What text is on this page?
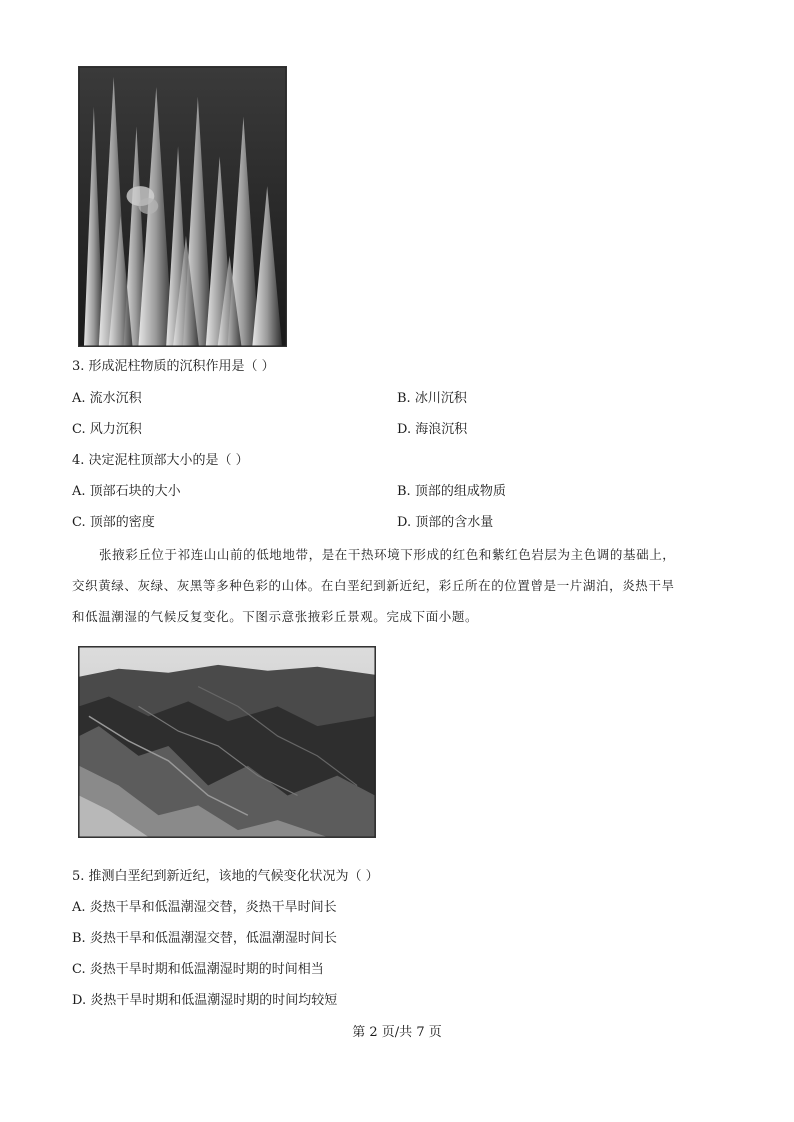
3. 形成泥柱物质的沉积作用是（ ）
A. 流水沉积	B. 冰川沉积
C. 风力沉积	D. 海浪沉积
4. 决定泥柱顶部大小的是（ ）
A. 顶部石块的大小	B. 顶部的组成物质
C. 顶部的密度	D. 顶部的含水量
张掖彩丘位于祁连山山前的低地地带，是在干热环境下形成的红色和紫红色岩层为主色调的基础上，
交织黄绿、灰绿、灰黑等多种色彩的山体。在白垩纪到新近纪，彩丘所在的位置曾是一片湖泊，炎热干旱
和低温潮湿的气候反复变化。下图示意张掖彩丘景观。完成下面小题。
5. 推测白垩纪到新近纪，该地的气候变化状况为（ ）
A. 炎热干旱和低温潮湿交替，炎热干旱时间长
B. 炎热干旱和低温潮湿交替，低温潮湿时间长
C. 炎热干旱时期和低温潮湿时期的时间相当
D. 炎热干旱时期和低温潮湿时期的时间均较短
第 2 页/共 7 页
